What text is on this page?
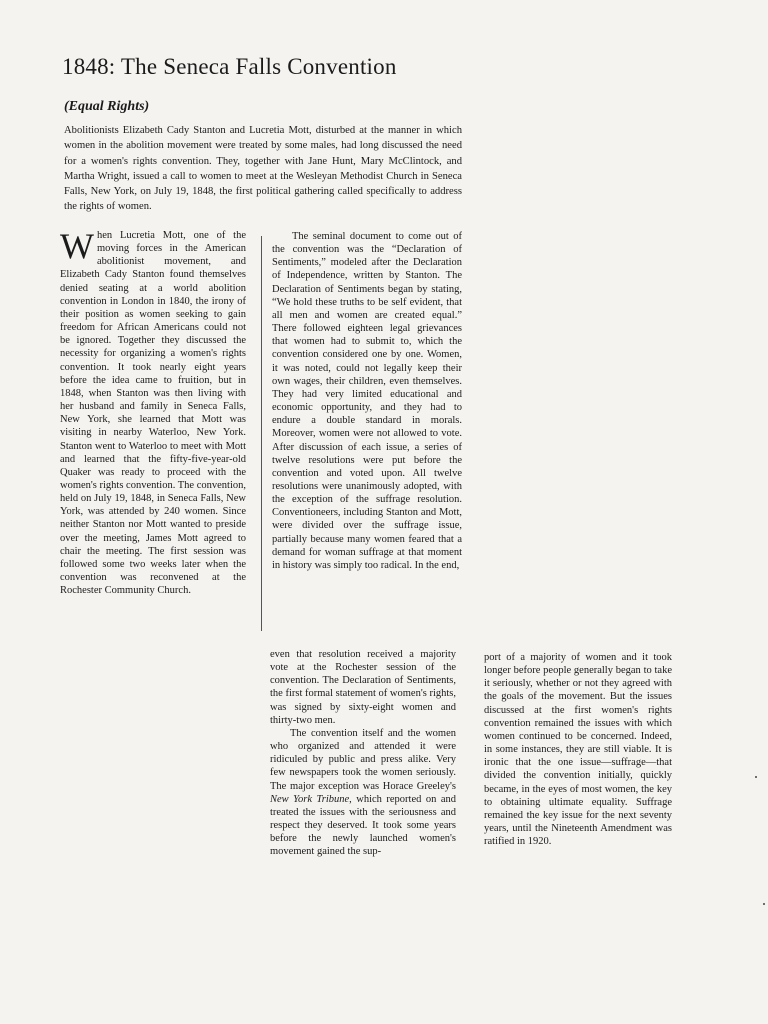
1848: The Seneca Falls Convention
(Equal Rights)

Abolitionists Elizabeth Cady Stanton and Lucretia Mott, disturbed at the manner in which women in the abolition movement were treated by some males, had long discussed the need for a women's rights convention. They, together with Jane Hunt, Mary McClintock, and Martha Wright, issued a call to women to meet at the Wesleyan Methodist Church in Seneca Falls, New York, on July 19, 1848, the first political gathering called specifically to address the rights of women.

When Lucretia Mott, one of the moving forces in the American abolitionist movement, and Elizabeth Cady Stanton found themselves denied seating at a world abolition convention in London in 1840, the irony of their position as women seeking to gain freedom for African Americans could not be ignored. Together they discussed the necessity for organizing a women's rights convention. It took nearly eight years before the idea came to fruition, but in 1848, when Stanton was then living with her husband and family in Seneca Falls, New York, she learned that Mott was visiting in nearby Waterloo, New York. Stanton went to Waterloo to meet with Mott and learned that the fifty-five-year-old Quaker was ready to proceed with the women's rights convention. The convention, held on July 19, 1848, in Seneca Falls, New York, was attended by 240 women. Since neither Stanton nor Mott wanted to preside over the meeting, James Mott agreed to chair the meeting. The first session was followed some two weeks later when the convention was reconvened at the Rochester Community Church.

The seminal document to come out of the convention was the “Declaration of Sentiments,” modeled after the Declaration of Independence, written by Stanton. The Declaration of Sentiments began by stating, “We hold these truths to be self evident, that all men and women are created equal.” There followed eighteen legal grievances that women had to submit to, which the convention considered one by one. Women, it was noted, could not legally keep their own wages, their children, even themselves. They had very limited educational and economic opportunity, and they had to endure a double standard in morals. Moreover, women were not allowed to vote. After discussion of each issue, a series of twelve resolutions were put before the convention and voted upon. All twelve resolutions were unanimously adopted, with the exception of the suffrage resolution. Conventioneers, including Stanton and Mott, were divided over the suffrage issue, partially because many women feared that a demand for woman suffrage at that moment in history was simply too radical. In the end,

even that resolution received a majority vote at the Rochester session of the convention. The Declaration of Sentiments, the first formal statement of women's rights, was signed by sixty-eight women and thirty-two men.

The convention itself and the women who organized and attended it were ridiculed by public and press alike. Very few newspapers took the women seriously. The major exception was Horace Greeley's New York Tribune, which reported on and treated the issues with the seriousness and respect they deserved. It took some years before the newly launched women's movement gained the sup-

port of a majority of women and it took longer before people generally began to take it seriously, whether or not they agreed with the goals of the movement. But the issues discussed at the first women's rights convention remained the issues with which women continued to be concerned. Indeed, in some instances, they are still viable. It is ironic that the one issue—suffrage—that divided the convention initially, quickly became, in the eyes of most women, the key to obtaining ultimate equality. Suffrage remained the key issue for the next seventy years, until the Nineteenth Amendment was ratified in 1920.
